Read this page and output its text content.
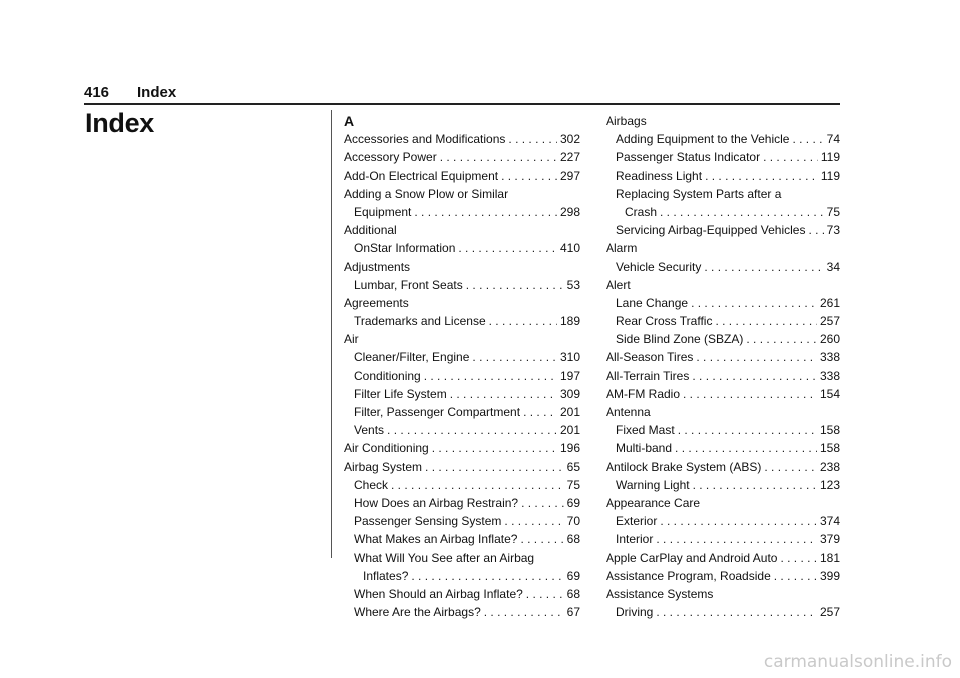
416 Index
Index	A
Accessories and Modifications . . .	302
Accessory Power . . .	227
Add-On Electrical Equipment . . .	297
Adding a Snow Plow or Similar
Equipment . . .	298
Additional
OnStar Information . . .	410
Adjustments
Lumbar, Front Seats . . .	53
Agreements
Trademarks and License . . .	189
Air
Cleaner/Filter, Engine . . .	310
Conditioning . . .	197
Filter Life System . . .	309
Filter, Passenger Compartment . . .	201
Vents . . .	201
Air Conditioning . . .	196
Airbag System . . .	65
Check . . .	75
How Does an Airbag Restrain? . . .	69
Passenger Sensing System . . .	70
What Makes an Airbag Inflate? . . .	68
What Will You See after an Airbag
Inflates? . . .	69
When Should an Airbag Inflate? . . .	68
Where Are the Airbags? . . .	67
Airbags
Adding Equipment to the Vehicle . . .	74
Passenger Status Indicator . . .	119
Readiness Light . . .	119
Replacing System Parts after a
Crash . . .	75
Servicing Airbag-Equipped Vehicles . . . 73
Alarm
Vehicle Security . . .	34
Alert
Lane Change . . .	261
Rear Cross Traffic . . .	257
Side Blind Zone (SBZA) . . .	260
All-Season Tires . . .	338
All-Terrain Tires . . .	338
AM-FM Radio . . .	154
Antenna
Fixed Mast . . .	158
Multi-band . . .	158
Antilock Brake System (ABS) . . .	238
Warning Light . . .	123
Appearance Care
Exterior . . .	374
Interior . . .	379
Apple CarPlay and Android Auto . . .	181
Assistance Program, Roadside . . .	399
Assistance Systems
Driving . . .	257
carmanualsonline.info
